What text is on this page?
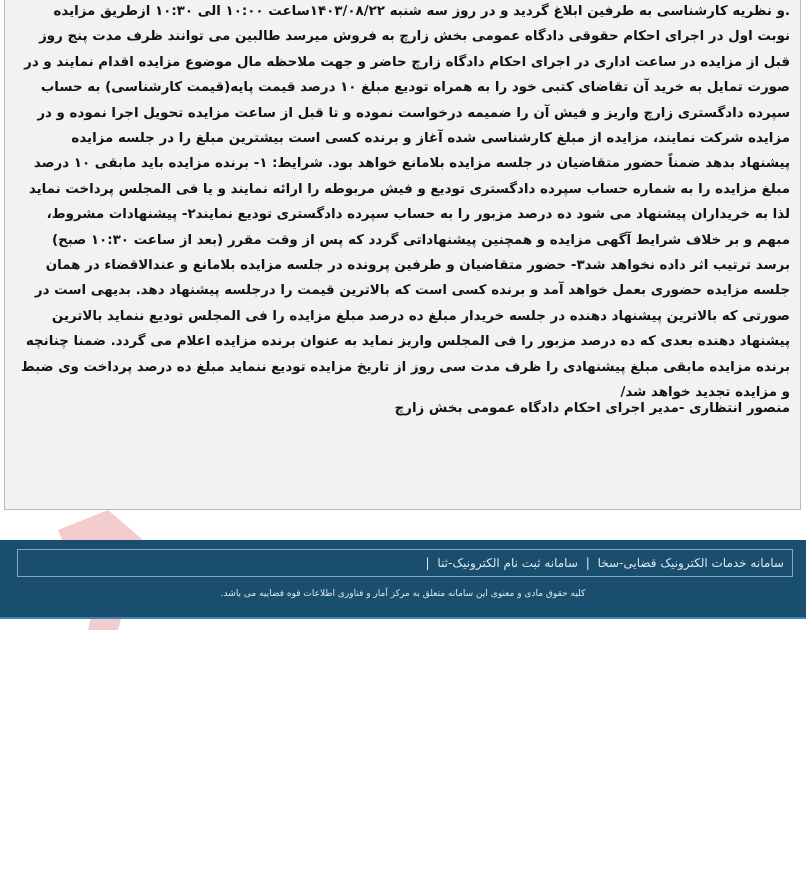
.و نظریه کارشناسی به طرفین ابلاغ گردید و در روز سه شنبه ۱۴۰۳/۰۸/۲۲ساعت ۱۰:۰۰ الی ۱۰:۳۰ ازطریق مزایده نوبت اول در اجرای احکام حقوقی دادگاه عمومی بخش زارچ به فروش میرسد طالبین می توانند ظرف مدت پنج روز قبل از مزایده در ساعت اداری در اجرای احکام دادگاه زارچ حاضر و جهت ملاحظه مال موضوع مزایده اقدام نمایند و در صورت تمایل به خرید آن تقاضای کتبی خود را به همراه تودیع مبلغ ۱۰ درصد قیمت پایه(قیمت کارشناسی) به حساب سپرده دادگستری زارچ واریز و فیش آن را ضمیمه درخواست نموده و تا قبل از ساعت مزایده تحویل اجرا نموده و در مزایده شرکت نمایند، مزایده از مبلغ کارشناسی شده آغاز و برنده کسی است بیشترین مبلغ را در جلسه مزایده پیشنهاد بدهد ضمناً حضور متقاضیان در جلسه مزایده بلامانع خواهد بود. شرایط: ۱- برنده مزایده باید مابقی ۱۰ درصد مبلغ مزایده را به شماره حساب سپرده دادگستری تودیع و فیش مربوطه را ارائه نمایند و یا فی المجلس پرداخت نماید لذا به خریداران پیشنهاد می شود ده درصد مزبور را به حساب سپرده دادگستری تودیع نمایند۲- پیشنهادات مشروط، مبهم و بر خلاف شرایط آگهی مزایده و همچنین پیشنهاداتی گردد که پس از وقت مقرر (بعد از ساعت ۱۰:۳۰ صبح) برسد ترتیب اثر داده نخواهد شد۳- حضور متقاضیان و طرفین پرونده در جلسه مزایده بلامانع و عندالاقضاء در همان جلسه مزایده حضوری بعمل خواهد آمد و برنده کسی است که بالاترین قیمت را درجلسه پیشنهاد دهد. بدیهی است در صورتی که بالاترین پیشنهاد دهنده در جلسه خریدار مبلغ ده درصد مبلغ مزایده را فی المجلس تودیع ننماید بالاترین پیشنهاد دهنده بعدی که ده درصد مزبور را فی المجلس واریز نماید به عنوان برنده مزایده اعلام می گردد. ضمنا چنانچه برنده مزایده مابقی مبلغ پیشنهادی را ظرف مدت سی روز از تاریخ مزایده تودیع ننماید مبلغ ده درصد پرداخت وی ضبط و مزایده تجدید خواهد شد/

منصور انتظاری -مدیر اجرای احکام دادگاه عمومی بخش زارچ

سامانه خدمات الکترونیک قضایی-سخا | سامانه ثبت نام الکترونیک-ثنا |
کلیه حقوق مادی و معنوی این سامانه متعلق به مرکز آمار و فناوری اطلاعات قوه قضاییه می باشد.
